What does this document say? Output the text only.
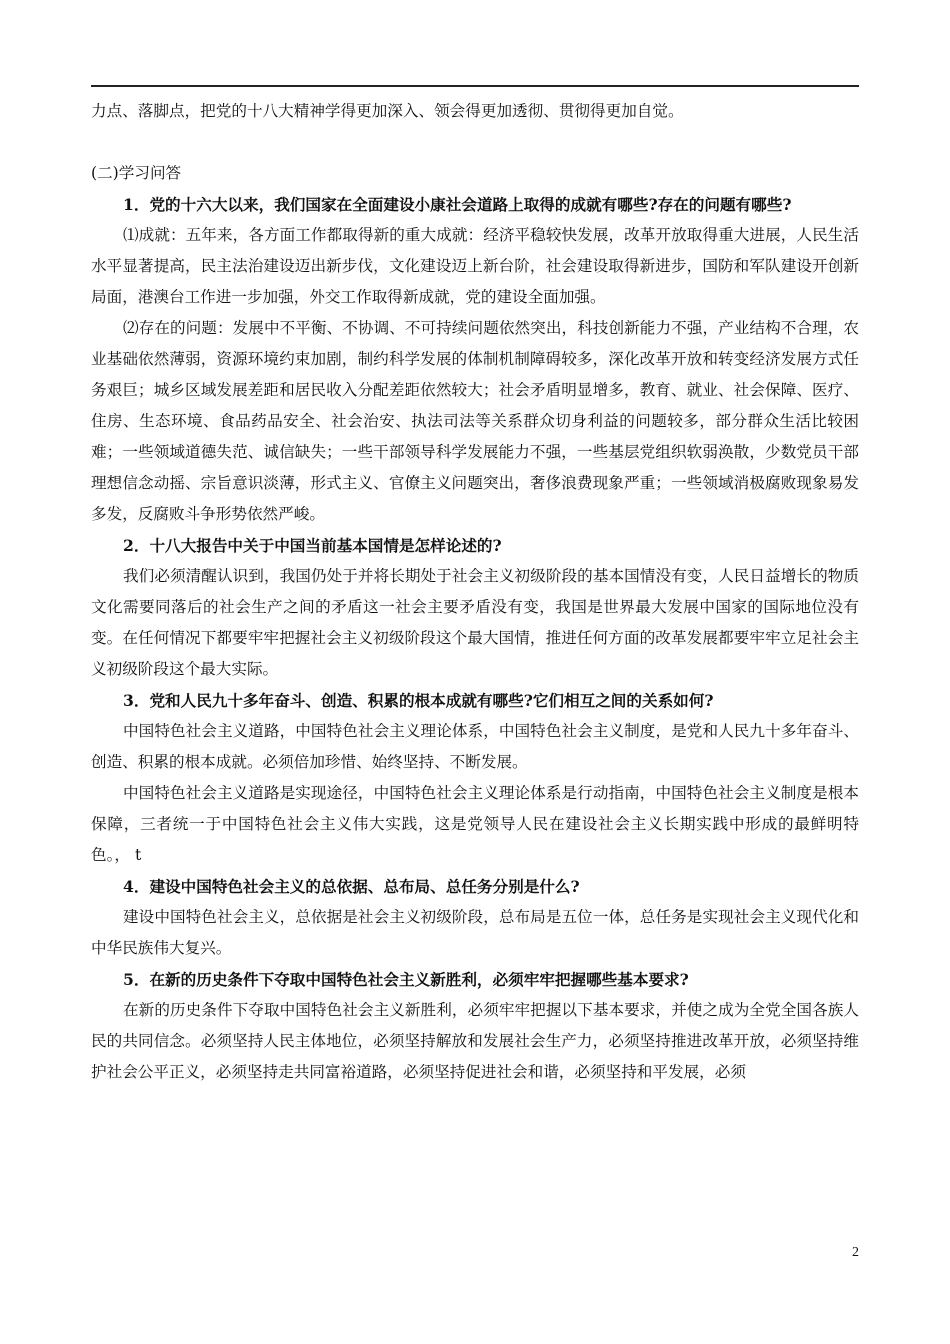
力点、落脚点，把党的十八大精神学得更加深入、领会得更加透彻、贯彻得更加自觉。

(二)学习问答

1．党的十六大以来，我们国家在全面建设小康社会道路上取得的成就有哪些?存在的问题有哪些?

⑴成就：五年来，各方面工作都取得新的重大成就：经济平稳较快发展，改革开放取得重大进展，人民生活水平显著提高，民主法治建设迈出新步伐，文化建设迈上新台阶，社会建设取得新进步，国防和军队建设开创新局面，港澳台工作进一步加强，外交工作取得新成就，党的建设全面加强。

⑵存在的问题：发展中不平衡、不协调、不可持续问题依然突出，科技创新能力不强，产业结构不合理，农业基础依然薄弱，资源环境约束加剧，制约科学发展的体制机制障碍较多，深化改革开放和转变经济发展方式任务艰巨；城乡区域发展差距和居民收入分配差距依然较大；社会矛盾明显增多，教育、就业、社会保障、医疗、住房、生态环境、食品药品安全、社会治安、执法司法等关系群众切身利益的问题较多，部分群众生活比较困难；一些领域道德失范、诚信缺失；一些干部领导科学发展能力不强，一些基层党组织软弱涣散，少数党员干部理想信念动摇、宗旨意识淡薄，形式主义、官僚主义问题突出，奢侈浪费现象严重；一些领域消极腐败现象易发多发，反腐败斗争形势依然严峻。

2．十八大报告中关于中国当前基本国情是怎样论述的?

我们必须清醒认识到，我国仍处于并将长期处于社会主义初级阶段的基本国情没有变，人民日益增长的物质文化需要同落后的社会生产之间的矛盾这一社会主要矛盾没有变，我国是世界最大发展中国家的国际地位没有变。在任何情况下都要牢牢把握社会主义初级阶段这个最大国情，推进任何方面的改革发展都要牢牢立足社会主义初级阶段这个最大实际。

3．党和人民九十多年奋斗、创造、积累的根本成就有哪些?它们相互之间的关系如何?

中国特色社会主义道路，中国特色社会主义理论体系，中国特色社会主义制度，是党和人民九十多年奋斗、创造、积累的根本成就。必须倍加珍惜、始终坚持、不断发展。

中国特色社会主义道路是实现途径，中国特色社会主义理论体系是行动指南，中国特色社会主义制度是根本保障，三者统一于中国特色社会主义伟大实践，这是党领导人民在建设社会主义长期实践中形成的最鲜明特色。， t

4．建设中国特色社会主义的总依据、总布局、总任务分别是什么?

建设中国特色社会主义，总依据是社会主义初级阶段，总布局是五位一体，总任务是实现社会主义现代化和中华民族伟大复兴。

5．在新的历史条件下夺取中国特色社会主义新胜利，必须牢牢把握哪些基本要求?

在新的历史条件下夺取中国特色社会主义新胜利，必须牢牢把握以下基本要求，并使之成为全党全国各族人民的共同信念。必须坚持人民主体地位，必须坚持解放和发展社会生产力，必须坚持推进改革开放，必须坚持维护社会公平正义，必须坚持走共同富裕道路，必须坚持促进社会和谐，必须坚持和平发展，必须

2
